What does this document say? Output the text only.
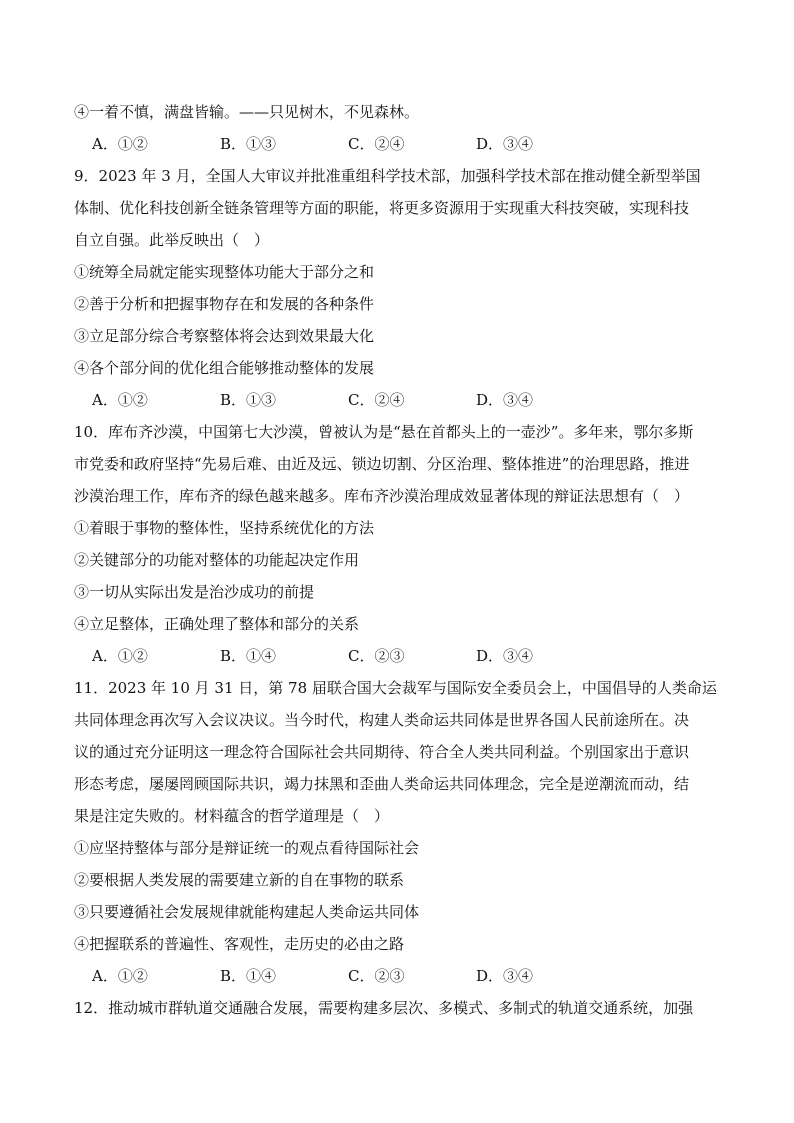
④一着不慎，满盘皆输。——只见树木，不见森林。
A．①②	B．①③	C．②④	D．③④
9．2023 年 3 月，全国人大审议并批准重组科学技术部，加强科学技术部在推动健全新型举国
体制、优化科技创新全链条管理等方面的职能，将更多资源用于实现重大科技突破，实现科技
自立自强。此举反映出（　）
①统筹全局就定能实现整体功能大于部分之和
②善于分析和把握事物存在和发展的各种条件
③立足部分综合考察整体将会达到效果最大化
④各个部分间的优化组合能够推动整体的发展
A．①②	B．①③	C．②④	D．③④
10．库布齐沙漠，中国第七大沙漠，曾被认为是“悬在首都头上的一壶沙”。多年来，鄂尔多斯
市党委和政府坚持“先易后难、由近及远、锁边切割、分区治理、整体推进”的治理思路，推进
沙漠治理工作，库布齐的绿色越来越多。库布齐沙漠治理成效显著体现的辩证法思想有（　）
①着眼于事物的整体性，坚持系统优化的方法
②关键部分的功能对整体的功能起决定作用
③一切从实际出发是治沙成功的前提
④立足整体，正确处理了整体和部分的关系
A．①②	B．①④	C．②③	D．③④
11．2023 年 10 月 31 日，第 78 届联合国大会裁军与国际安全委员会上，中国倡导的人类命运
共同体理念再次写入会议决议。当今时代，构建人类命运共同体是世界各国人民前途所在。决
议的通过充分证明这一理念符合国际社会共同期待、符合全人类共同利益。个别国家出于意识
形态考虑，屡屡罔顾国际共识，竭力抹黑和歪曲人类命运共同体理念，完全是逆潮流而动，结
果是注定失败的。材料蕴含的哲学道理是（　）
①应坚持整体与部分是辩证统一的观点看待国际社会
②要根据人类发展的需要建立新的自在事物的联系
③只要遵循社会发展规律就能构建起人类命运共同体
④把握联系的普遍性、客观性，走历史的必由之路
A．①②	B．①④	C．②③	D．③④
12．推动城市群轨道交通融合发展，需要构建多层次、多模式、多制式的轨道交通系统，加强
